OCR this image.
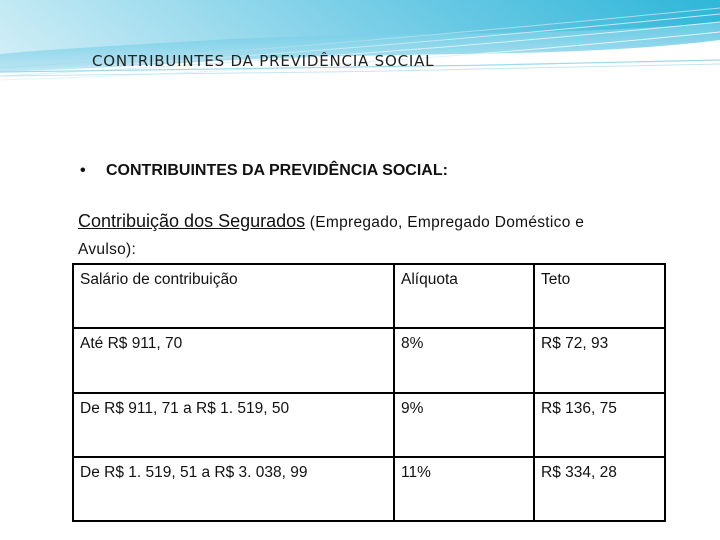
CONTRIBUINTES DA PREVIDÊNCIA SOCIAL
• CONTRIBUINTES DA PREVIDÊNCIA SOCIAL:
Contribuição dos Segurados (Empregado, Empregado Doméstico e Avulso):
Salário de contribuição	Alíquota	Teto
Até R$ 911, 70	8%	R$ 72, 93
De R$ 911, 71 a R$ 1. 519, 50	9%	R$ 136, 75
De R$ 1. 519, 51 a R$ 3. 038, 99	11%	R$ 334, 28
